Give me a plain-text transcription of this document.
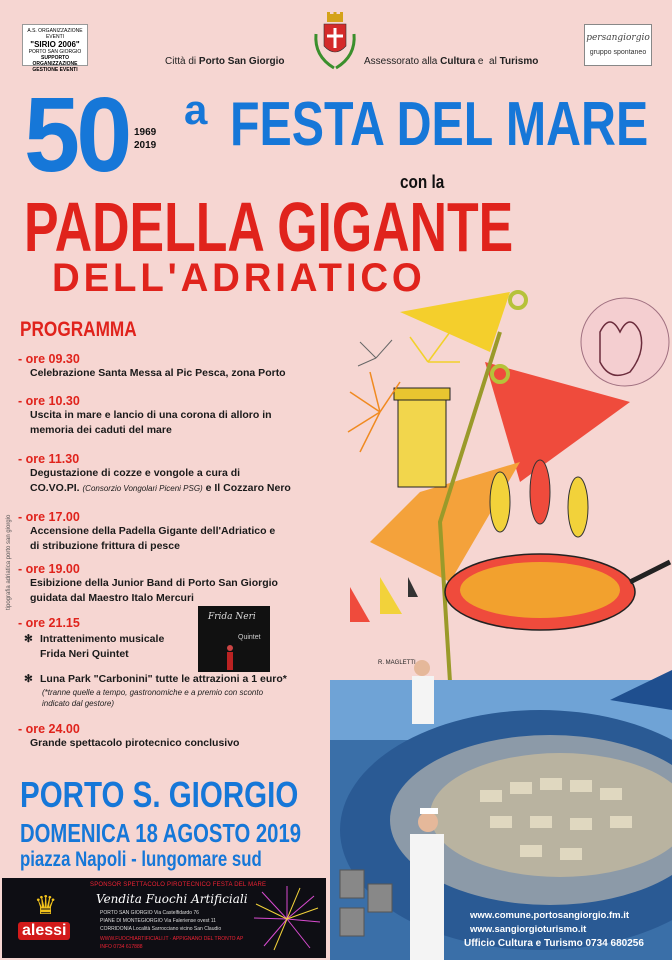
A.S. ORGANIZZAZIONE EVENTI
"SIRIO 2006"
PORTO SAN GIORGIO
SUPPORTO ORGANIZZAZIONE GESTIONE EVENTI
Città di Porto San Giorgio	Assessorato alla Cultura e  al Turismo
persangiorgio
gruppo spontaneo
50 a
1969
2019 FESTA DEL MARE
con la
PADELLA GIGANTE
DELL'ADRIATICO
R. MAGLETTI
PROGRAMMA
- ore 09.30
Celebrazione Santa Messa al Pic Pesca, zona Porto
- ore 10.30
Uscita in mare e lancio di una corona di alloro in
memoria dei caduti del mare
- ore 11.30
Degustazione di cozze e vongole a cura di
CO.VO.PI. (Consorzio Vongolari Piceni PSG) e Il Cozzaro Nero
- ore 17.00
Accensione della Padella Gigante dell'Adriatico e
di stribuzione frittura di pesce
- ore 19.00
Esibizione della Junior Band di Porto San Giorgio
guidata dal Maestro Italo Mercuri
- ore 21.15
✻ Intrattenimento musicale
Frida Neri Quintet
✻ Luna Park "Carbonini" tutte le attrazioni a 1 euro*
(*tranne quelle a tempo, gastronomiche e a premio con sconto
indicato dal gestore)
Frida Neri
Quintet
- ore 24.00
Grande spettacolo pirotecnico conclusivo
tipografia adriatica porto san giorgio
www.comune.portosangiorgio.fm.it
www.sangiorgioturismo.it
Ufficio Cultura e Turismo 0734 680256
PORTO S. GIORGIO
DOMENICA 18 AGOSTO 2019
piazza Napoli - lungomare sud
SPONSOR SPETTACOLO PIROTECNICO FESTA DEL MARE
Vendita Fuochi Artificiali
PORTO SAN GIORGIO Via Castelfidardo 76
PIANE DI MONTEGIORGIO Via Faleriense ovest 11
CORRIDONIA Località Sarrocciano vicino San Claudio
WWW.FUOCHIARTIFICIALI.IT · APPIGNANO DEL TRONTO AP
INFO 0734 617888
♛
alessi
